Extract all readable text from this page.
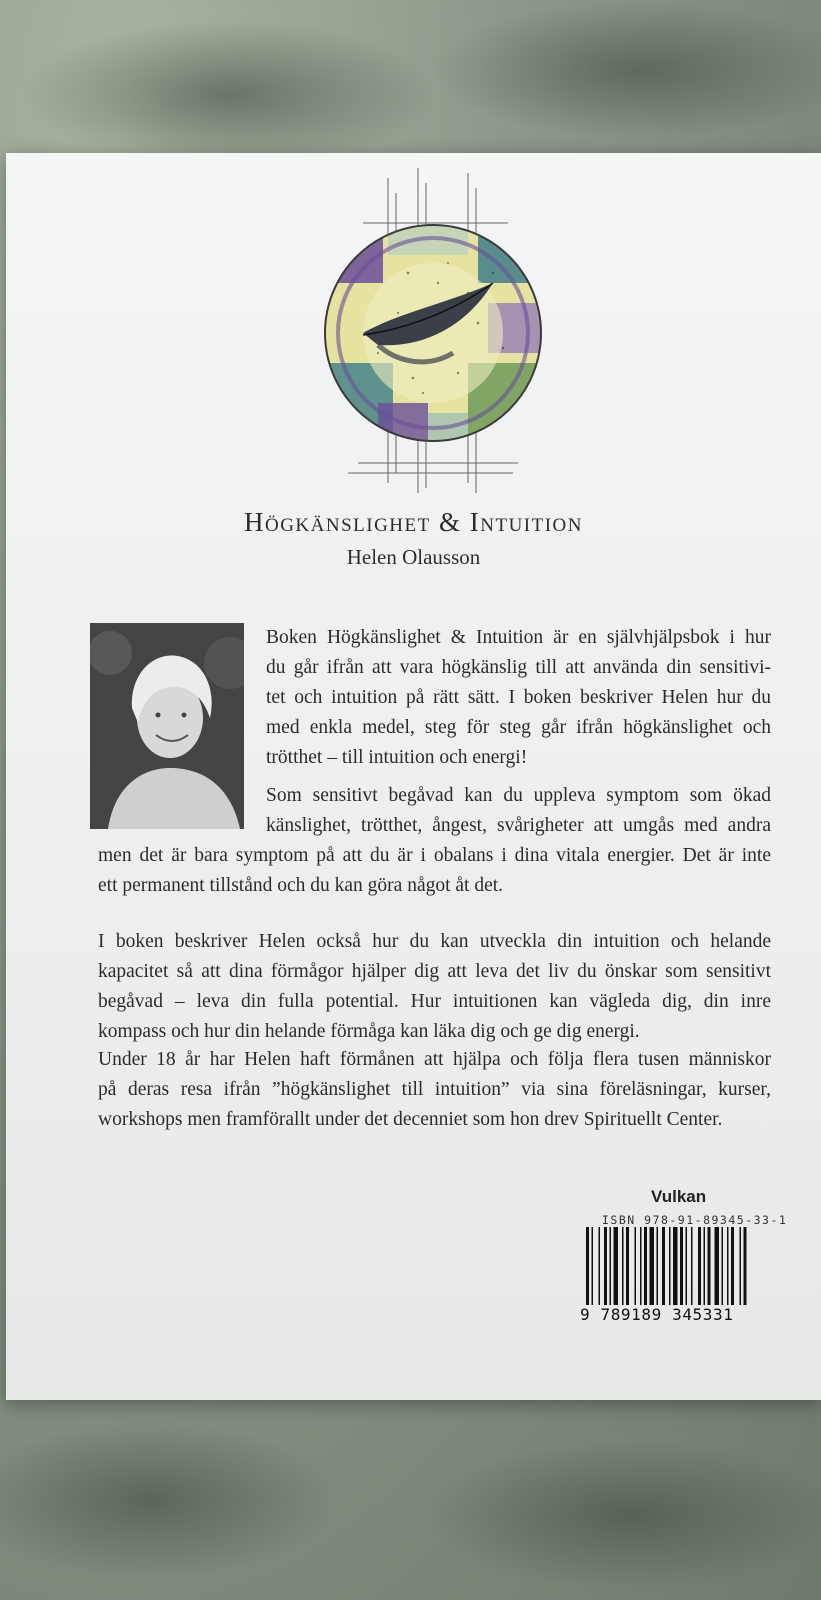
Högkänslighet & Intuition
Helen Olausson
Boken Högkänslighet & Intuition är en självhjälpsbok i hur
du går ifrån att vara högkänslig till att använda din sensitivi-
tet och intuition på rätt sätt. I boken beskriver Helen hur du
med enkla medel, steg för steg går ifrån högkänslighet och
trötthet – till intuition och energi!
Som sensitivt begåvad kan du uppleva symptom som ökad
känslighet, trötthet, ångest, svårigheter att umgås med andra
men det är bara symptom på att du är i obalans i dina vitala energier. Det är inte
ett permanent tillstånd och du kan göra något åt det.
I boken beskriver Helen också hur du kan utveckla din intuition och helande
kapacitet så att dina förmågor hjälper dig att leva det liv du önskar som sensitivt
begåvad – leva din fulla potential. Hur intuitionen kan vägleda dig, din inre
kompass och hur din helande förmåga kan läka dig och ge dig energi.
Under 18 år har Helen haft förmånen att hjälpa och följa flera tusen människor
på deras resa ifrån ”högkänslighet till intuition” via sina föreläsningar, kurser,
workshops men framförallt under det decenniet som hon drev Spirituellt Center.
Vulkan
ISBN 978-91-89345-33-1
9 789189 345331
